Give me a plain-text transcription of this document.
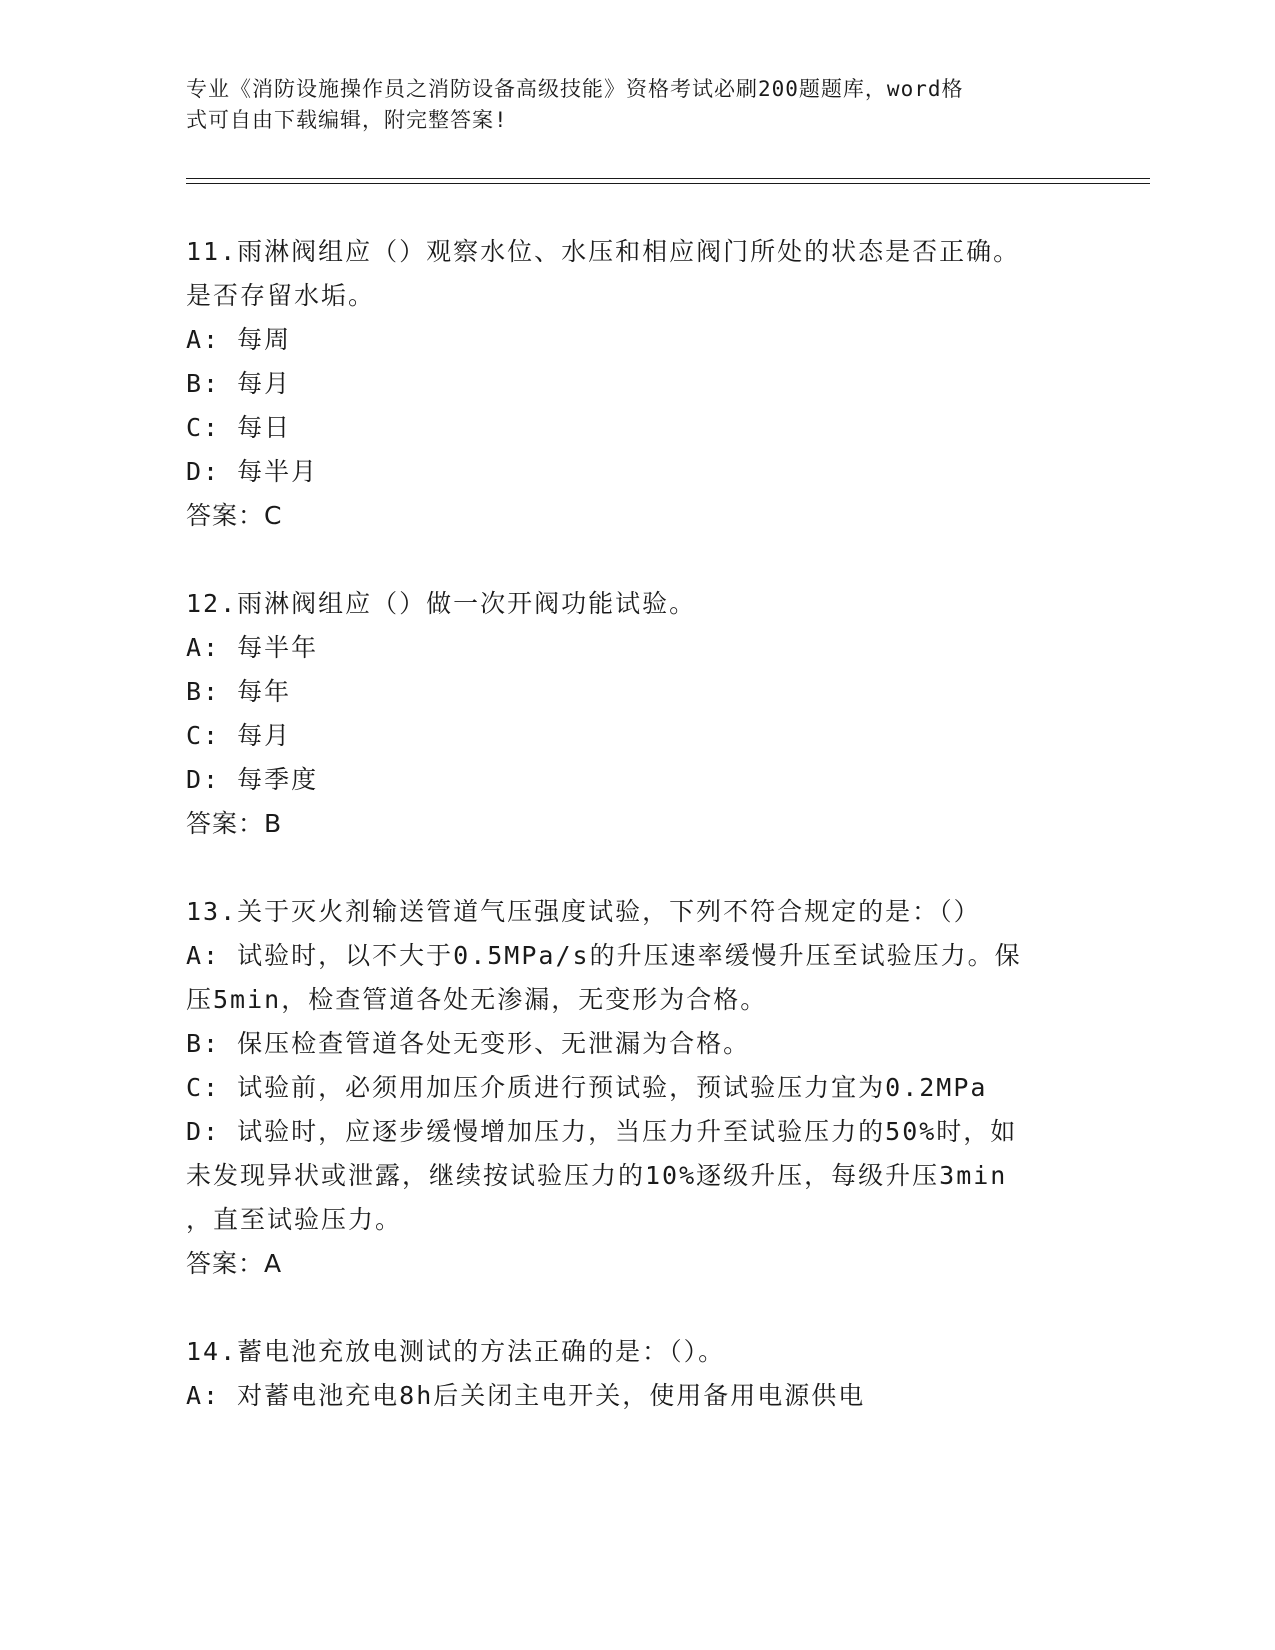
专业《消防设施操作员之消防设备高级技能》资格考试必刷200题题库，word格
式可自由下载编辑，附完整答案!
11.雨淋阀组应（）观察水位、水压和相应阀门所处的状态是否正确。
是否存留水垢。
A: 每周
B: 每月
C: 每日
D: 每半月
答案：C
12.雨淋阀组应（）做一次开阀功能试验。
A: 每半年
B: 每年
C: 每月
D: 每季度
答案：B
13.关于灭火剂输送管道气压强度试验，下列不符合规定的是：（）
A: 试验时，以不大于0.5MPa/s的升压速率缓慢升压至试验压力。保
压5min，检查管道各处无渗漏，无变形为合格。
B: 保压检查管道各处无变形、无泄漏为合格。
C: 试验前，必须用加压介质进行预试验，预试验压力宜为0.2MPa
D: 试验时，应逐步缓慢增加压力，当压力升至试验压力的50%时，如
未发现异状或泄露，继续按试验压力的10%逐级升压，每级升压3min
，直至试验压力。
答案：A
14.蓄电池充放电测试的方法正确的是：（）。
A: 对蓄电池充电8h后关闭主电开关，使用备用电源供电
